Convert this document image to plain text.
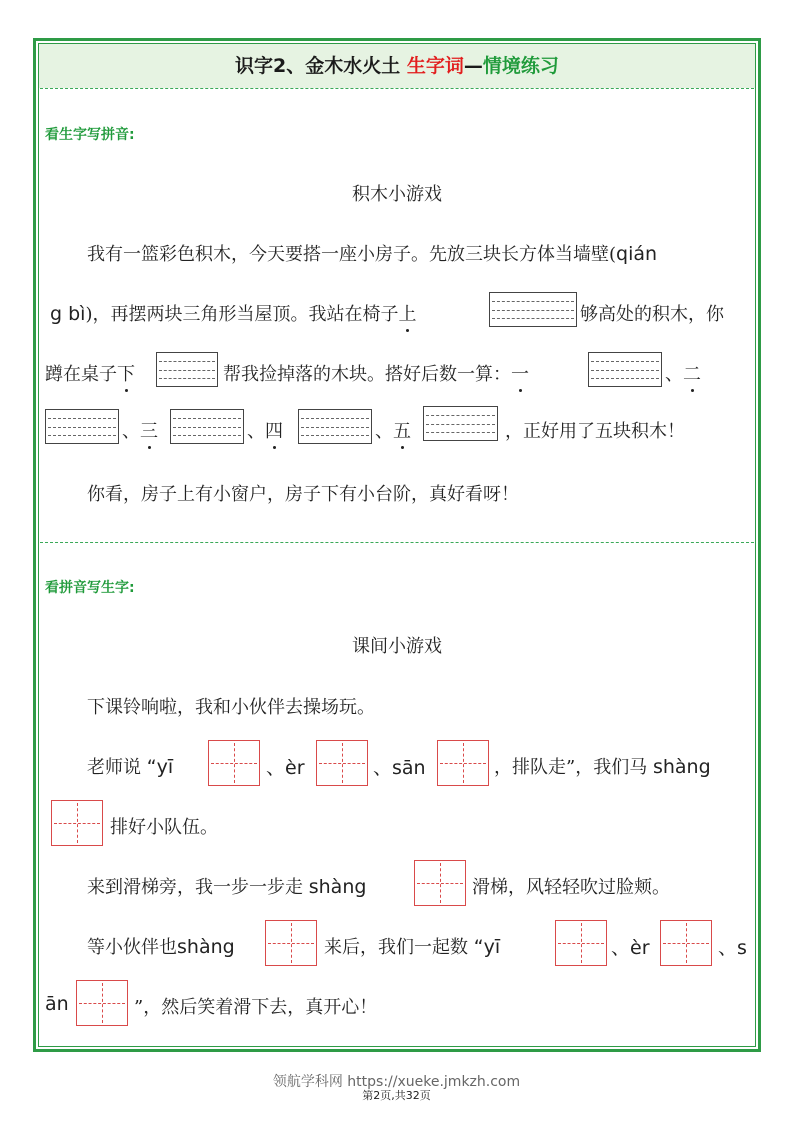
识字2、金木水火土 生字词—情境练习
看生字写拼音:
积木小游戏
我有一篮彩色积木，今天要搭一座小房子。先放三块长方体当墙壁(qián
g bì)，再摆两块三角形当屋顶。我站在椅子上	够高处的积木，你
蹲在桌子下	帮我捡掉落的木块。搭好后数一算：一	、二
、三	、四	、五	，正好用了五块积木！
你看，房子上有小窗户，房子下有小台阶，真好看呀！
看拼音写生字:
课间小游戏
下课铃响啦，我和小伙伴去操场玩。
老师说 “yī	、èr	、sān	，排队走”，我们马 shàng
排好小队伍。
来到滑梯旁，我一步一步走 shàng	滑梯，风轻轻吹过脸颊。
等小伙伴也shàng	来后，我们一起数 “yī	、èr	、s
ān	”，然后笑着滑下去，真开心！
领航学科网 https://xueke.jmkzh.com
第2页,共32页
